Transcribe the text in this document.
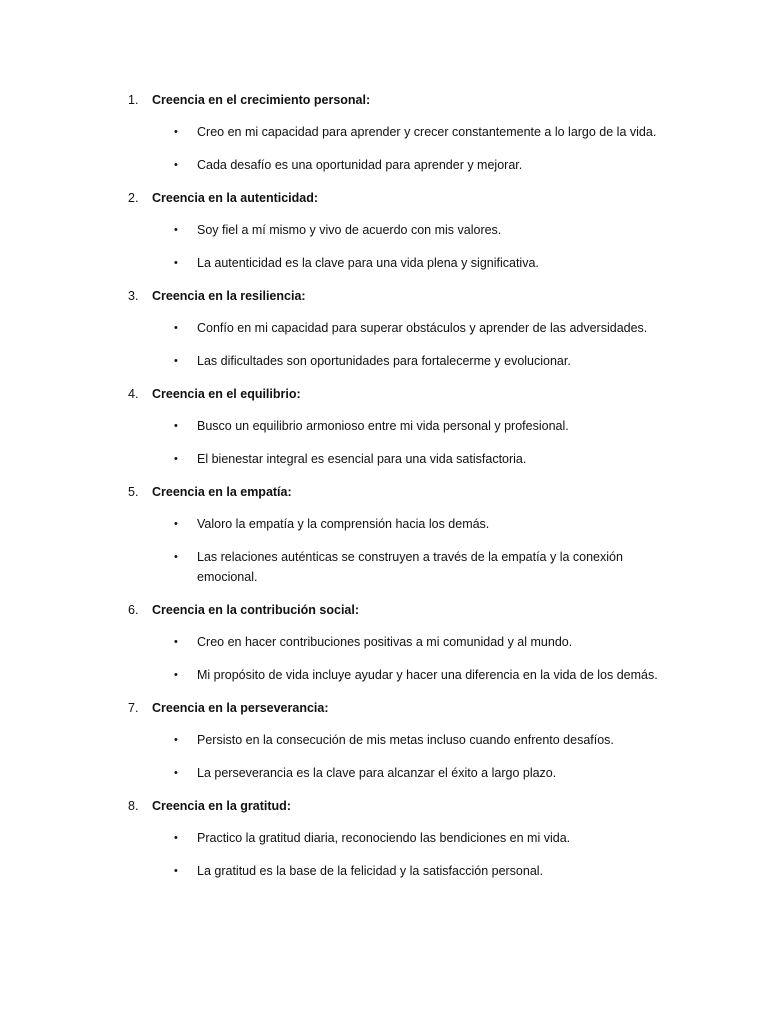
1. Creencia en el crecimiento personal:
• Creo en mi capacidad para aprender y crecer constantemente a lo largo de la vida.
• Cada desafío es una oportunidad para aprender y mejorar.
2. Creencia en la autenticidad:
• Soy fiel a mí mismo y vivo de acuerdo con mis valores.
• La autenticidad es la clave para una vida plena y significativa.
3. Creencia en la resiliencia:
• Confío en mi capacidad para superar obstáculos y aprender de las adversidades.
• Las dificultades son oportunidades para fortalecerme y evolucionar.
4. Creencia en el equilibrio:
• Busco un equilibrio armonioso entre mi vida personal y profesional.
• El bienestar integral es esencial para una vida satisfactoria.
5. Creencia en la empatía:
• Valoro la empatía y la comprensión hacia los demás.
• Las relaciones auténticas se construyen a través de la empatía y la conexión emocional.
6. Creencia en la contribución social:
• Creo en hacer contribuciones positivas a mi comunidad y al mundo.
• Mi propósito de vida incluye ayudar y hacer una diferencia en la vida de los demás.
7. Creencia en la perseverancia:
• Persisto en la consecución de mis metas incluso cuando enfrento desafíos.
• La perseverancia es la clave para alcanzar el éxito a largo plazo.
8. Creencia en la gratitud:
• Practico la gratitud diaria, reconociendo las bendiciones en mi vida.
• La gratitud es la base de la felicidad y la satisfacción personal.
